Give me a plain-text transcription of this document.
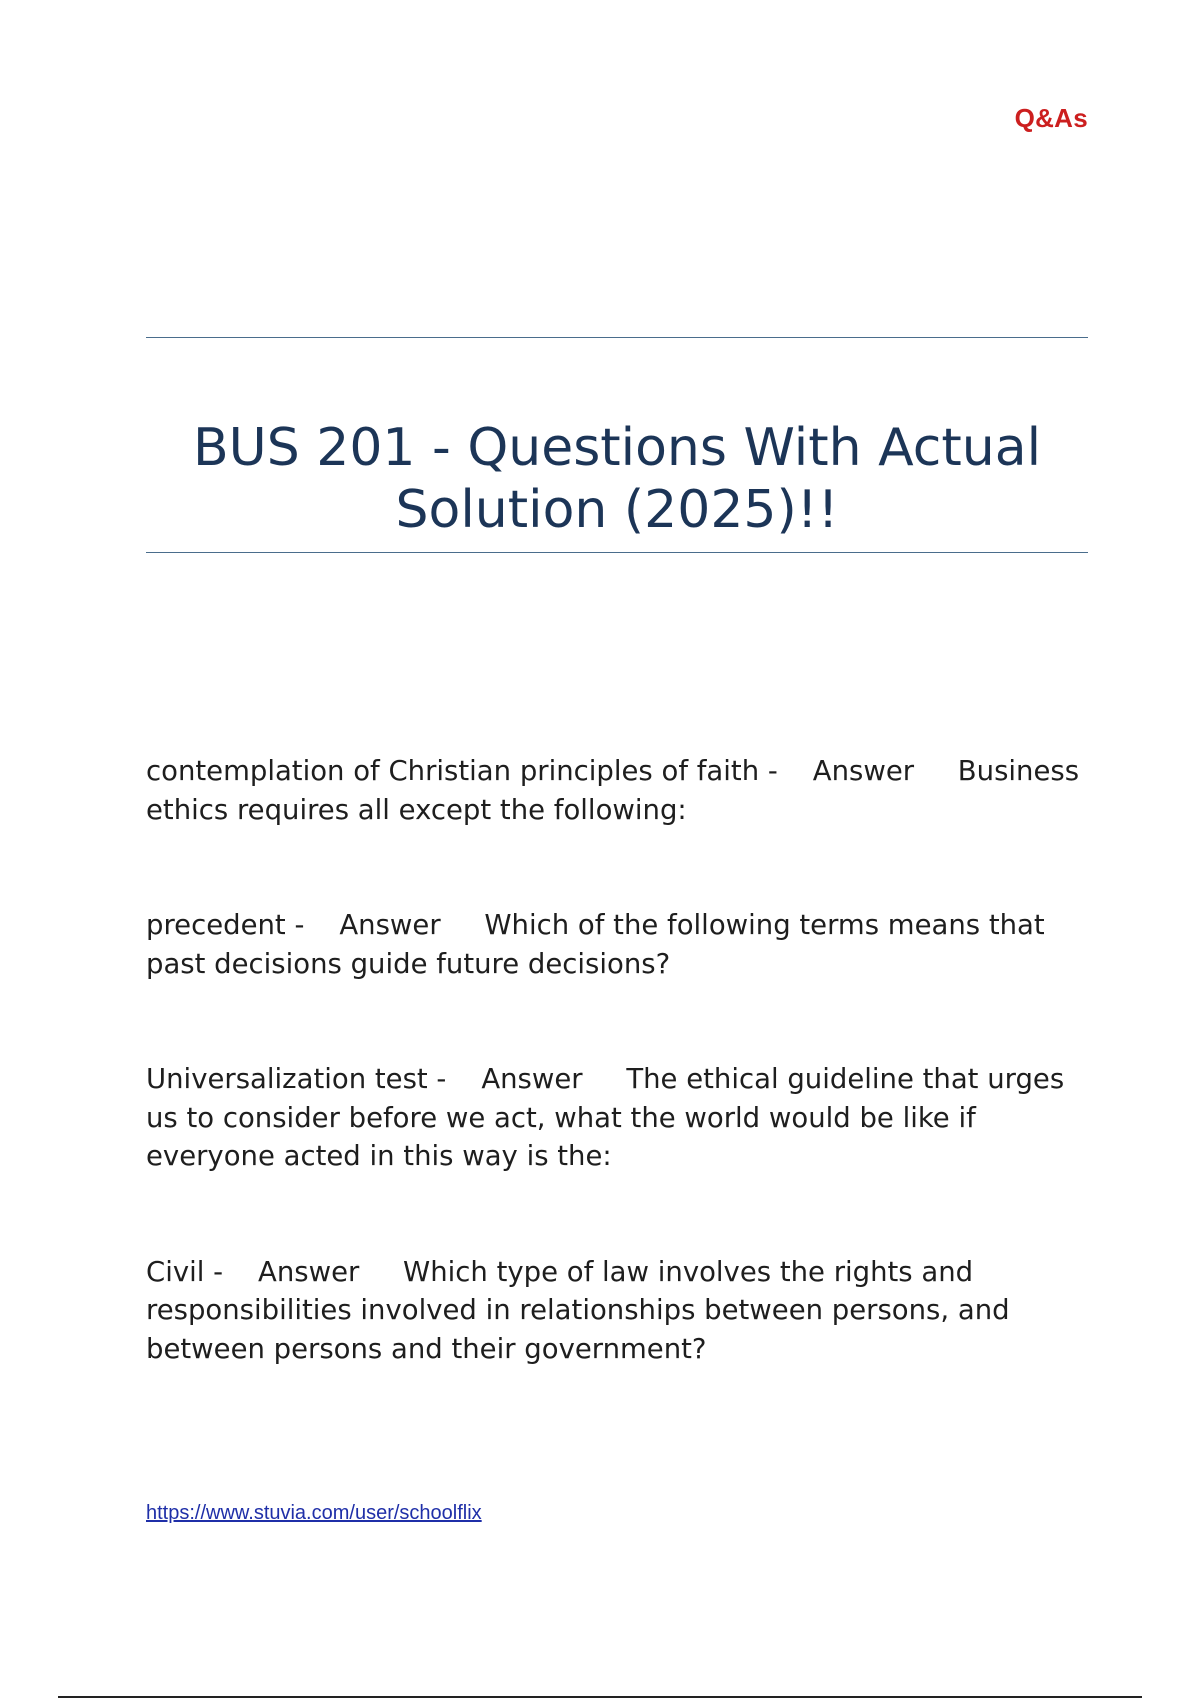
Q&As
BUS 201 - Questions With Actual Solution (2025)!!
contemplation of Christian principles of faith - Answer Business ethics requires all except the following:
precedent - Answer Which of the following terms means that past decisions guide future decisions?
Universalization test - Answer The ethical guideline that urges us to consider before we act, what the world would be like if everyone acted in this way is the:
Civil - Answer Which type of law involves the rights and responsibilities involved in relationships between persons, and between persons and their government?
https://www.stuvia.com/user/schoolflix
